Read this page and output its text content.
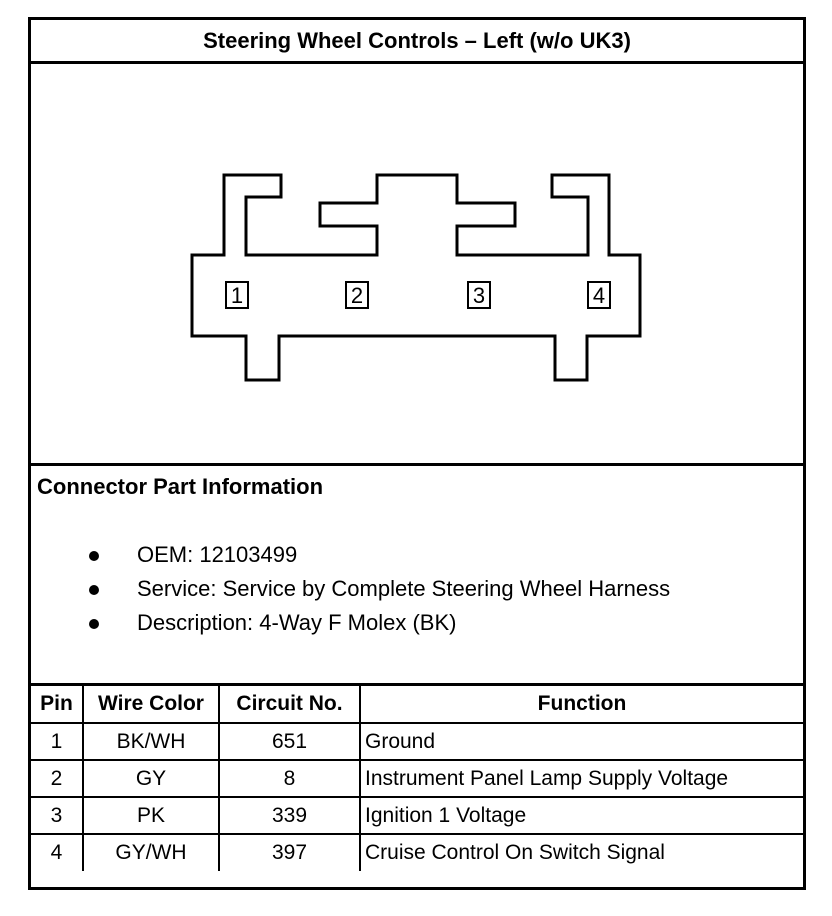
Steering Wheel Controls – Left (w/o UK3)
1	2	3	4
Connector Part Information
OEM: 12103499
Service: Service by Complete Steering Wheel Harness
Description: 4-Way F Molex (BK)
Pin	Wire Color	Circuit No.	Function
1	BK/WH	651	Ground
2	GY	8	Instrument Panel Lamp Supply Voltage
3	PK	339	Ignition 1 Voltage
4	GY/WH	397	Cruise Control On Switch Signal
